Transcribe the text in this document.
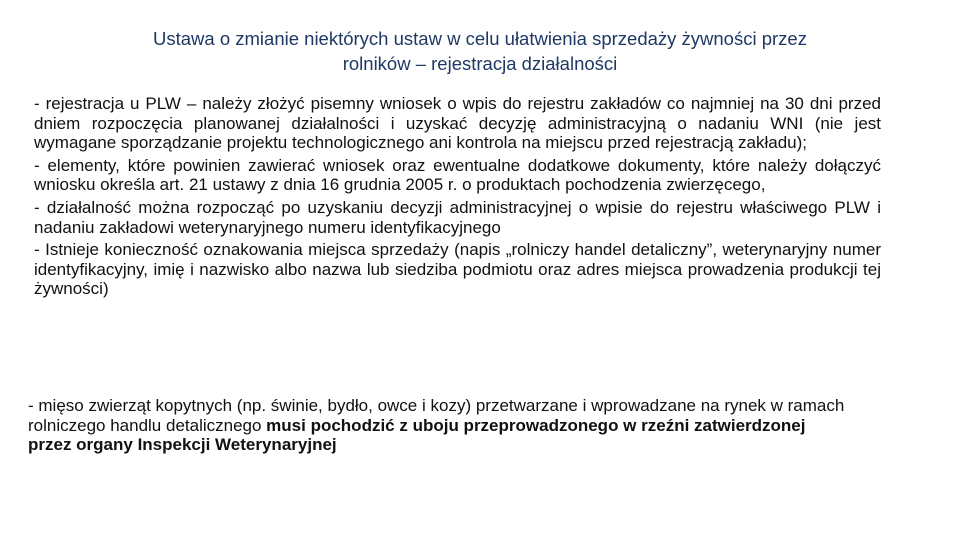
Ustawa o zmianie niektórych ustaw w celu ułatwienia sprzedaży żywności przez
rolników – rejestracja działalności

- rejestracja u PLW – należy złożyć pisemny wniosek o wpis do rejestru zakładów co najmniej na 30 dni przed dniem rozpoczęcia planowanej działalności i uzyskać decyzję administracyjną o nadaniu WNI (nie jest wymagane sporządzanie projektu technologicznego ani kontrola na miejscu przed rejestracją zakładu);

- elementy, które powinien zawierać wniosek oraz ewentualne dodatkowe dokumenty, które należy dołączyć wniosku określa art. 21 ustawy z dnia 16 grudnia 2005 r. o produktach pochodzenia zwierzęcego,

- działalność można rozpocząć po uzyskaniu decyzji administracyjnej o wpisie do rejestru właściwego PLW i nadaniu zakładowi weterynaryjnego numeru identyfikacyjnego

- Istnieje konieczność oznakowania miejsca sprzedaży (napis „rolniczy handel detaliczny”, weterynaryjny numer identyfikacyjny, imię i nazwisko albo nazwa lub siedziba podmiotu oraz adres miejsca prowadzenia produkcji tej żywności)

- mięso zwierząt kopytnych (np. świnie, bydło, owce i kozy) przetwarzane i wprowadzane na rynek w ramach rolniczego handlu detalicznego musi pochodzić z uboju przeprowadzonego w rzeźni zatwierdzonej przez organy Inspekcji Weterynaryjnej
